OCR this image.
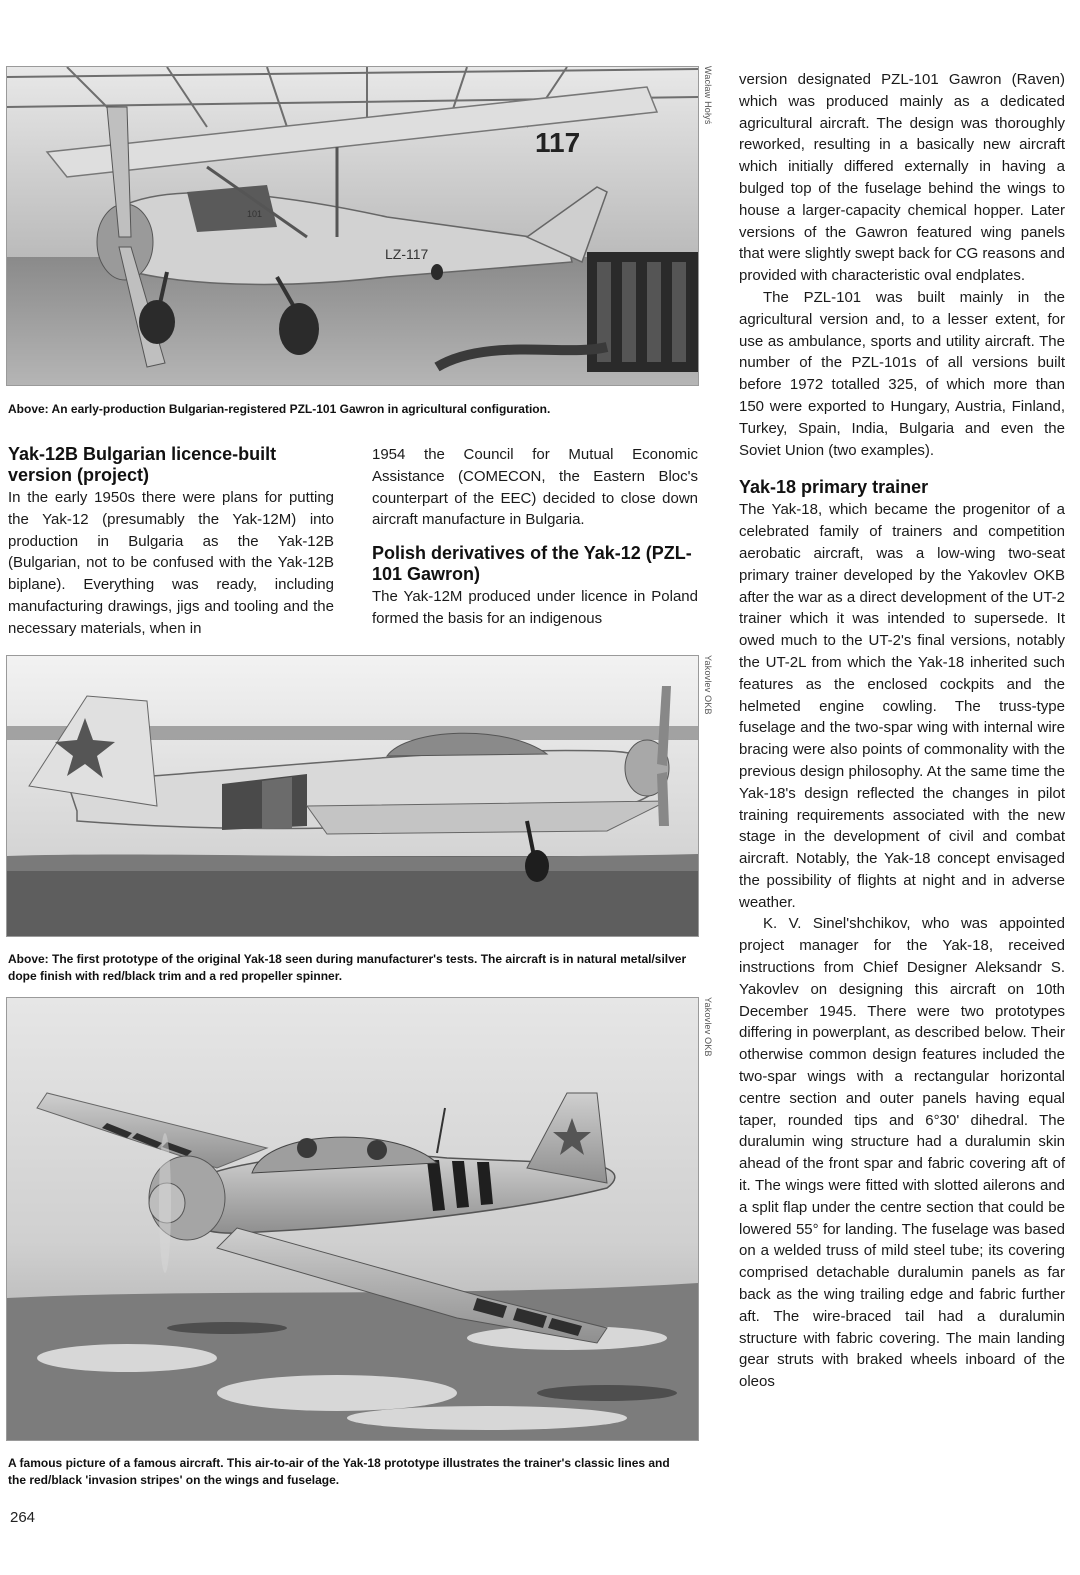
117
LZ-117
101
Wacław Hołyś
Above: An early-production Bulgarian-registered PZL-101 Gawron in agricultural configuration.
Yak-12B Bulgarian licence-built version (project)

In the early 1950s there were plans for putting the Yak-12 (presumably the Yak-12M) into production in Bulgaria as the Yak-12B (Bulgarian, not to be confused with the Yak-12B biplane). Everything was ready, including manufacturing drawings, jigs and tooling and the necessary materials, when in

1954 the Council for Mutual Economic Assistance (COMECON, the Eastern Bloc's counterpart of the EEC) decided to close down aircraft manufacture in Bulgaria.

Polish derivatives of the Yak-12 (PZL-101 Gawron)

The Yak-12M produced under licence in Poland formed the basis for an indigenous

Yakovlev OKB
Above: The first prototype of the original Yak-18 seen during manufacturer's tests. The aircraft is in natural metal/silver dope finish with red/black trim and a red propeller spinner.
Yakovlev OKB
A famous picture of a famous aircraft. This air-to-air of the Yak-18 prototype illustrates the trainer's classic lines and the red/black 'invasion stripes' on the wings and fuselage.

version designated PZL-101 Gawron (Raven) which was produced mainly as a dedicated agricultural aircraft. The design was thoroughly reworked, resulting in a basically new aircraft which initially differed externally in having a bulged top of the fuselage behind the wings to house a larger-capacity chemical hopper. Later versions of the Gawron featured wing panels that were slightly swept back for CG reasons and provided with characteristic oval endplates.

The PZL-101 was built mainly in the agricultural version and, to a lesser extent, for use as ambulance, sports and utility aircraft. The number of the PZL-101s of all versions built before 1972 totalled 325, of which more than 150 were exported to Hungary, Austria, Finland, Turkey, Spain, India, Bulgaria and even the Soviet Union (two examples).

Yak-18 primary trainer

The Yak-18, which became the progenitor of a celebrated family of trainers and competition aerobatic aircraft, was a low-wing two-seat primary trainer developed by the Yakovlev OKB after the war as a direct development of the UT-2 trainer which it was intended to supersede. It owed much to the UT-2's final versions, notably the UT-2L from which the Yak-18 inherited such features as the enclosed cockpits and the helmeted engine cowling. The truss-type fuselage and the two-spar wing with internal wire bracing were also points of commonality with the previous design philosophy. At the same time the Yak-18's design reflected the changes in pilot training requirements associated with the new stage in the development of civil and combat aircraft. Notably, the Yak-18 concept envisaged the possibility of flights at night and in adverse weather.

K. V. Sinel'shchikov, who was appointed project manager for the Yak-18, received instructions from Chief Designer Aleksandr S. Yakovlev on designing this aircraft on 10th December 1945. There were two prototypes differing in powerplant, as described below. Their otherwise common design features included the two-spar wings with a rectangular horizontal centre section and outer panels having equal taper, rounded tips and 6°30' dihedral. The duralumin wing structure had a duralumin skin ahead of the front spar and fabric covering aft of it. The wings were fitted with slotted ailerons and a split flap under the centre section that could be lowered 55° for landing. The fuselage was based on a welded truss of mild steel tube; its covering comprised detachable duralumin panels as far back as the wing trailing edge and fabric further aft. The wire-braced tail had a duralumin structure with fabric covering. The main landing gear struts with braked wheels inboard of the oleos

264
